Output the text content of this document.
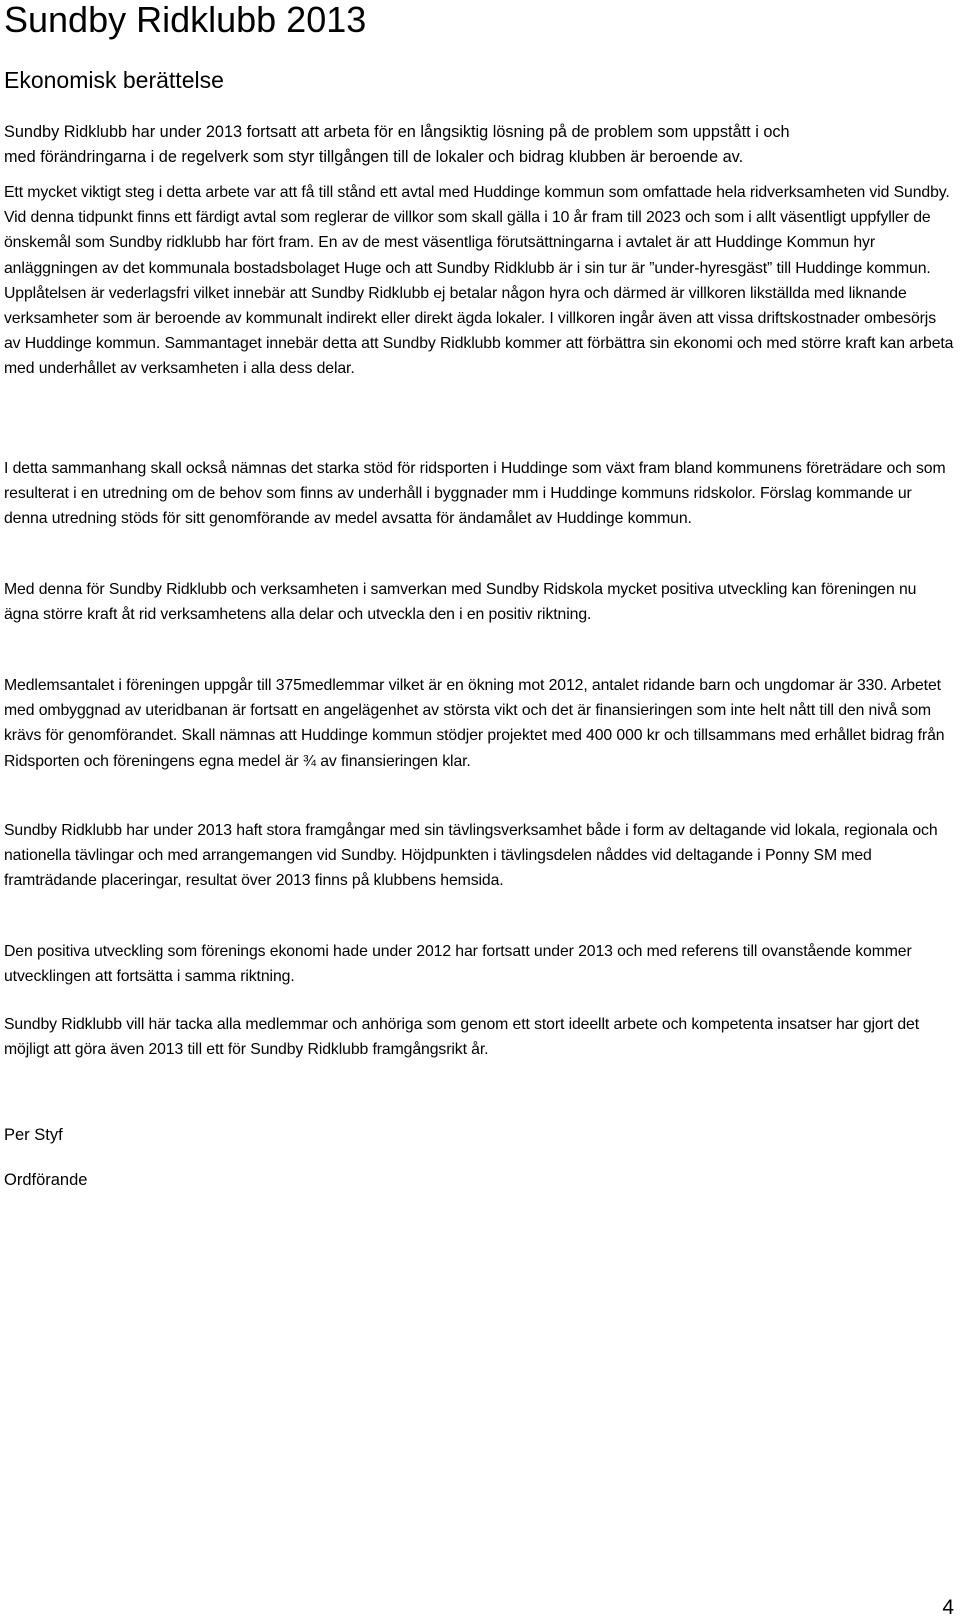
Sundby Ridklubb 2013
Ekonomisk berättelse

Sundby Ridklubb har under 2013 fortsatt att arbeta för en långsiktig lösning på de problem som uppstått i och
med förändringarna i de regelverk som styr tillgången till de lokaler och bidrag klubben är beroende av.

Ett mycket viktigt steg i detta arbete var att få till stånd ett avtal med Huddinge kommun som omfattade hela ridverksamheten vid Sundby. Vid denna tidpunkt finns ett färdigt avtal som reglerar de villkor som skall gälla i 10 år fram till 2023 och som i allt väsentligt uppfyller de önskemål som Sundby ridklubb har fört fram. En av de mest väsentliga förutsättningarna i avtalet är att Huddinge Kommun hyr anläggningen av det kommunala bostadsbolaget Huge och att Sundby Ridklubb är i sin tur är ”under-hyresgäst” till Huddinge kommun. Upplåtelsen är vederlagsfri vilket innebär att Sundby Ridklubb ej betalar någon hyra och därmed är villkoren likställda med liknande verksamheter som är beroende av kommunalt indirekt eller direkt ägda lokaler. I villkoren ingår även att vissa driftskostnader ombesörjs av Huddinge kommun. Sammantaget innebär detta att Sundby Ridklubb kommer att förbättra sin ekonomi och med större kraft kan arbeta med underhållet av verksamheten i alla dess delar.

I detta sammanhang skall också nämnas det starka stöd för ridsporten i Huddinge som växt fram bland kommunens företrädare och som resulterat i en utredning om de behov som finns av underhåll i byggnader mm i Huddinge kommuns ridskolor. Förslag kommande ur denna utredning stöds för sitt genomförande av medel avsatta för ändamålet av Huddinge kommun.

Med denna för Sundby Ridklubb och verksamheten i samverkan med Sundby Ridskola mycket positiva utveckling kan föreningen nu ägna större kraft åt rid verksamhetens alla delar och utveckla den i en positiv riktning.

Medlemsantalet i föreningen uppgår till 375medlemmar vilket är en ökning mot 2012, antalet ridande barn och ungdomar är 330. Arbetet med ombyggnad av uteridbanan är fortsatt en angelägenhet av största vikt och det är finansieringen som inte helt nått till den nivå som krävs för genomförandet. Skall nämnas att Huddinge kommun stödjer projektet med 400 000 kr och tillsammans med erhållet bidrag från Ridsporten och föreningens egna medel är ¾ av finansieringen klar.

Sundby Ridklubb har under 2013 haft stora framgångar med sin tävlingsverksamhet både i form av deltagande vid lokala, regionala och nationella tävlingar och med arrangemangen vid Sundby. Höjdpunkten i tävlingsdelen nåddes vid deltagande i Ponny SM med framträdande placeringar, resultat över 2013 finns på klubbens hemsida.

Den positiva utveckling som förenings ekonomi hade under 2012 har fortsatt under 2013 och med referens till ovanstående kommer utvecklingen att fortsätta i samma riktning.

Sundby Ridklubb vill här tacka alla medlemmar och anhöriga som genom ett stort ideellt arbete och kompetenta insatser har gjort det möjligt att göra även 2013 till ett för Sundby Ridklubb framgångsrikt år.

Per Styf

Ordförande

4
